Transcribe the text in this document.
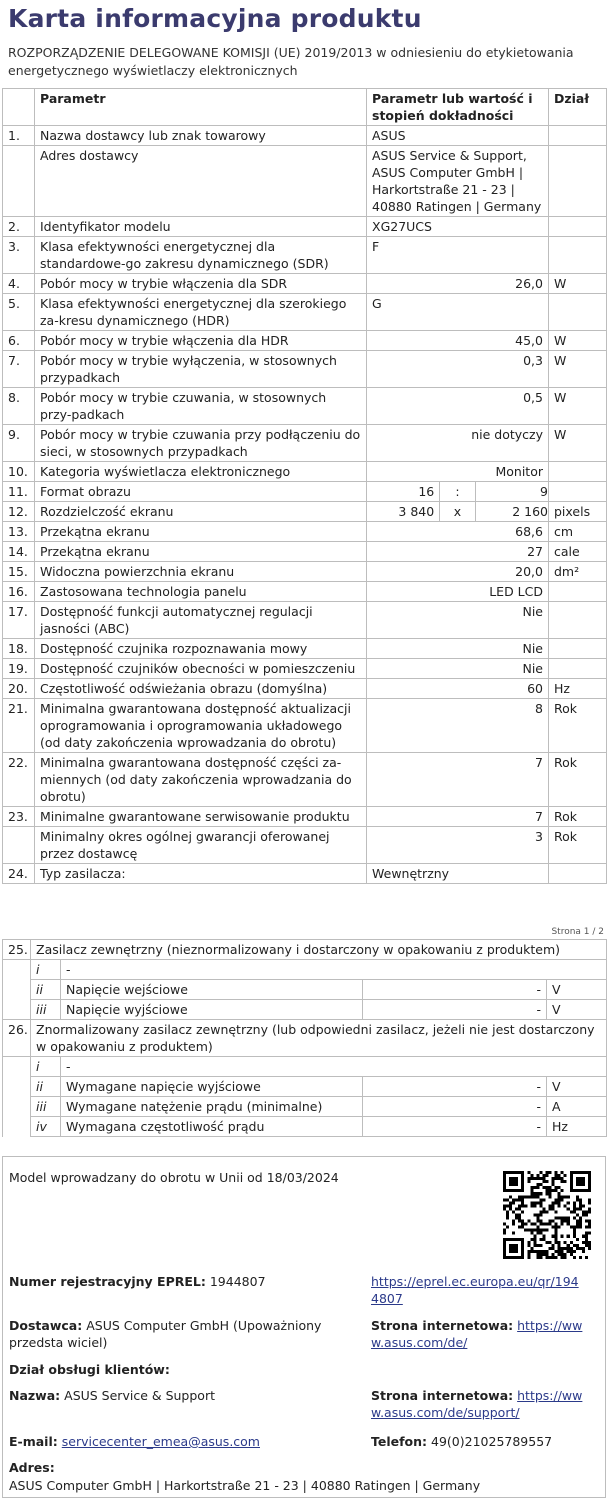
Karta informacyjna produktu
ROZPORZĄDZENIE DELEGOWANE KOMISJI (UE) 2019/2013 w odniesieniu do etykietowania energetycznego wyświetlaczy elektronicznych
	Parametr	Parametr lub wartość i stopień dokładności	Dział
1.	Nazwa dostawcy lub znak towarowy	ASUS	
	Adres dostawcy	ASUS Service & Support, ASUS Computer GmbH | Harkortstraße 21 - 23 | 40880 Ratingen | Germany	
2.	Identyfikator modelu	XG27UCS	
3.	Klasa efektywności energetycznej dla standardowe-go zakresu dynamicznego (SDR)	F	
4.	Pobór mocy w trybie włączenia dla SDR	26,0	W
5.	Klasa efektywności energetycznej dla szerokiego za-kresu dynamicznego (HDR)	G	
6.	Pobór mocy w trybie włączenia dla HDR	45,0	W
7.	Pobór mocy w trybie wyłączenia, w stosownych przypadkach	0,3	W
8.	Pobór mocy w trybie czuwania, w stosownych przy-padkach	0,5	W
9.	Pobór mocy w trybie czuwania przy podłączeniu do sieci, w stosownych przypadkach	nie dotyczy	W
10.	Kategoria wyświetlacza elektronicznego	Monitor	
11.	Format obrazu	16 : 9	

12.	Rozdzielczość ekranu	3 840 x 2 160	pixels
13.	Przekątna ekranu	68,6	cm
14.	Przekątna ekranu	27	cale
15.	Widoczna powierzchnia ekranu	20,0	dm²
16.	Zastosowana technologia panelu	LED LCD	
17.	Dostępność funkcji automatycznej regulacji jasności (ABC)	Nie	
18.	Dostępność czujnika rozpoznawania mowy	Nie	
19.	Dostępność czujników obecności w pomieszczeniu	Nie	
20.	Częstotliwość odświeżania obrazu (domyślna)	60	Hz
21.	Minimalna gwarantowana dostępność aktualizacji oprogramowania i oprogramowania układowego (od daty zakończenia wprowadzania do obrotu)	8	Rok
22.	Minimalna gwarantowana dostępność części za-miennych (od daty zakończenia wprowadzania do obrotu)	7	Rok
23.	Minimalne gwarantowane serwisowanie produktu	7	Rok
	Minimalny okres ogólnej gwarancji oferowanej przez dostawcę	3	Rok
24.	Typ zasilacza:	Wewnętrzny	
Strona 1 / 2
25.	Zasilacz zewnętrzny (nieznormalizowany i dostarczony w opakowaniu z produktem)			
	i	-		
	ii	Napięcie wejściowe	-	V
	iii	Napięcie wyjściowe	-	V
26.	Znormalizowany zasilacz zewnętrzny (lub odpowiedni zasilacz, jeżeli nie jest dostarczony w opakowaniu z produktem)			
	i	-		
	ii	Wymagane napięcie wyjściowe	-	V
	iii	Wymagane natężenie prądu (minimalne)	-	A
	iv	Wymagana częstotliwość prądu	-	Hz
Model wprowadzany do obrotu w Unii od 18/03/2024
Numer rejestracyjny EPREL: 1944807	https://eprel.ec.europa.eu/qr/1944807
Dostawca: ASUS Computer GmbH (Upoważniony przedsta wiciel)
Strona internetowa: https://www.asus.com/de/
Dział obsługi klientów:
Nazwa: ASUS Service & Support	Strona internetowa: https://www.asus.com/de/support/
E-mail: servicecenter_emea@asus.com	Telefon: 49(0)21025789557
Adres:
ASUS Computer GmbH | Harkortstraße 21 - 23 | 40880 Ratingen | Germany
